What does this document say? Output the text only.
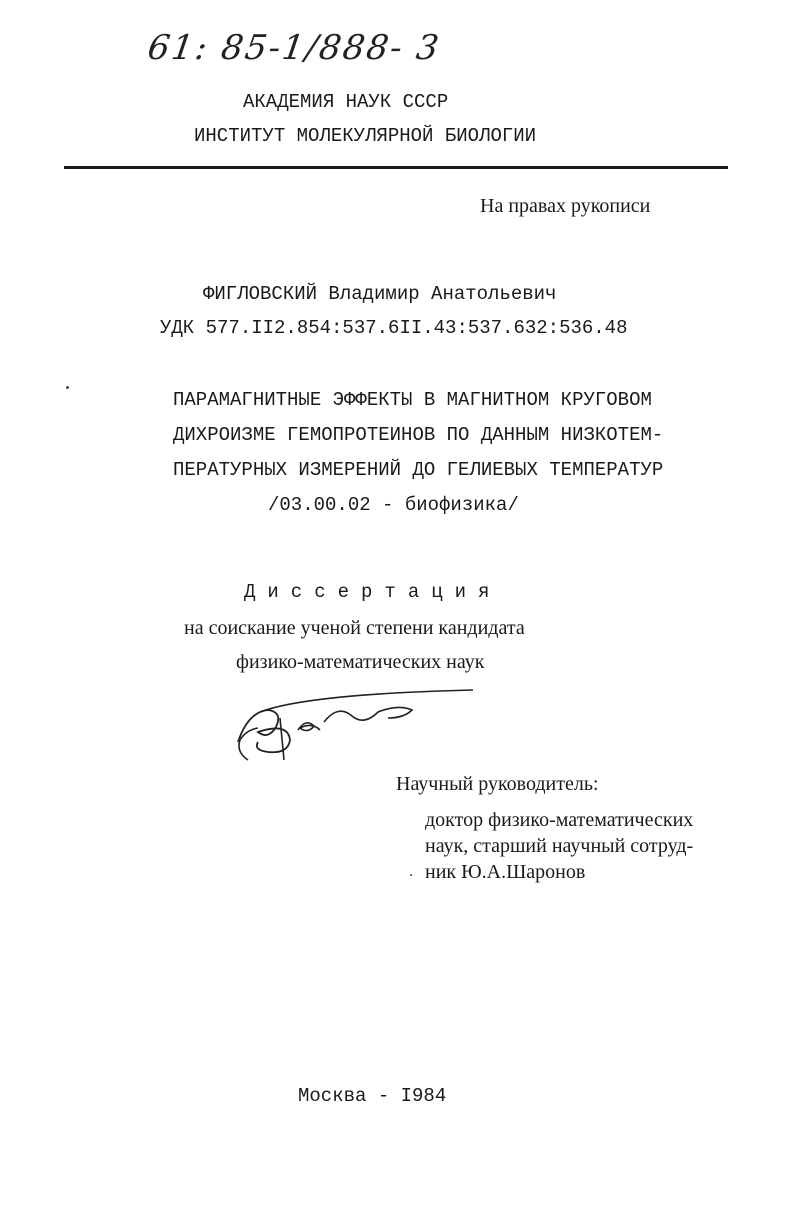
61: 85-1/888- 3
АКАДЕМИЯ НАУК СССР
ИНСТИТУТ МОЛЕКУЛЯРНОЙ БИОЛОГИИ
На правах рукописи
ФИГЛОВСКИЙ Владимир Анатольевич
УДК 577.II2.854:537.6II.43:537.632:536.48
ПАРАМАГНИТНЫЕ ЭФФЕКТЫ В МАГНИТНОМ КРУГОВОМ
ДИХРОИЗМЕ ГЕМОПРОТЕИНОВ ПО ДАННЫМ НИЗКОТЕМ-
ПЕРАТУРНЫХ ИЗМЕРЕНИЙ ДО ГЕЛИЕВЫХ ТЕМПЕРАТУР
/03.00.02 - биофизика/
Диссертация
на соискание ученой степени кандидата
физико-математических наук
Научный руководитель:
доктор физико-математических
наук, старший научный сотруд-
ник Ю.А.Шаронов
Москва - I984
